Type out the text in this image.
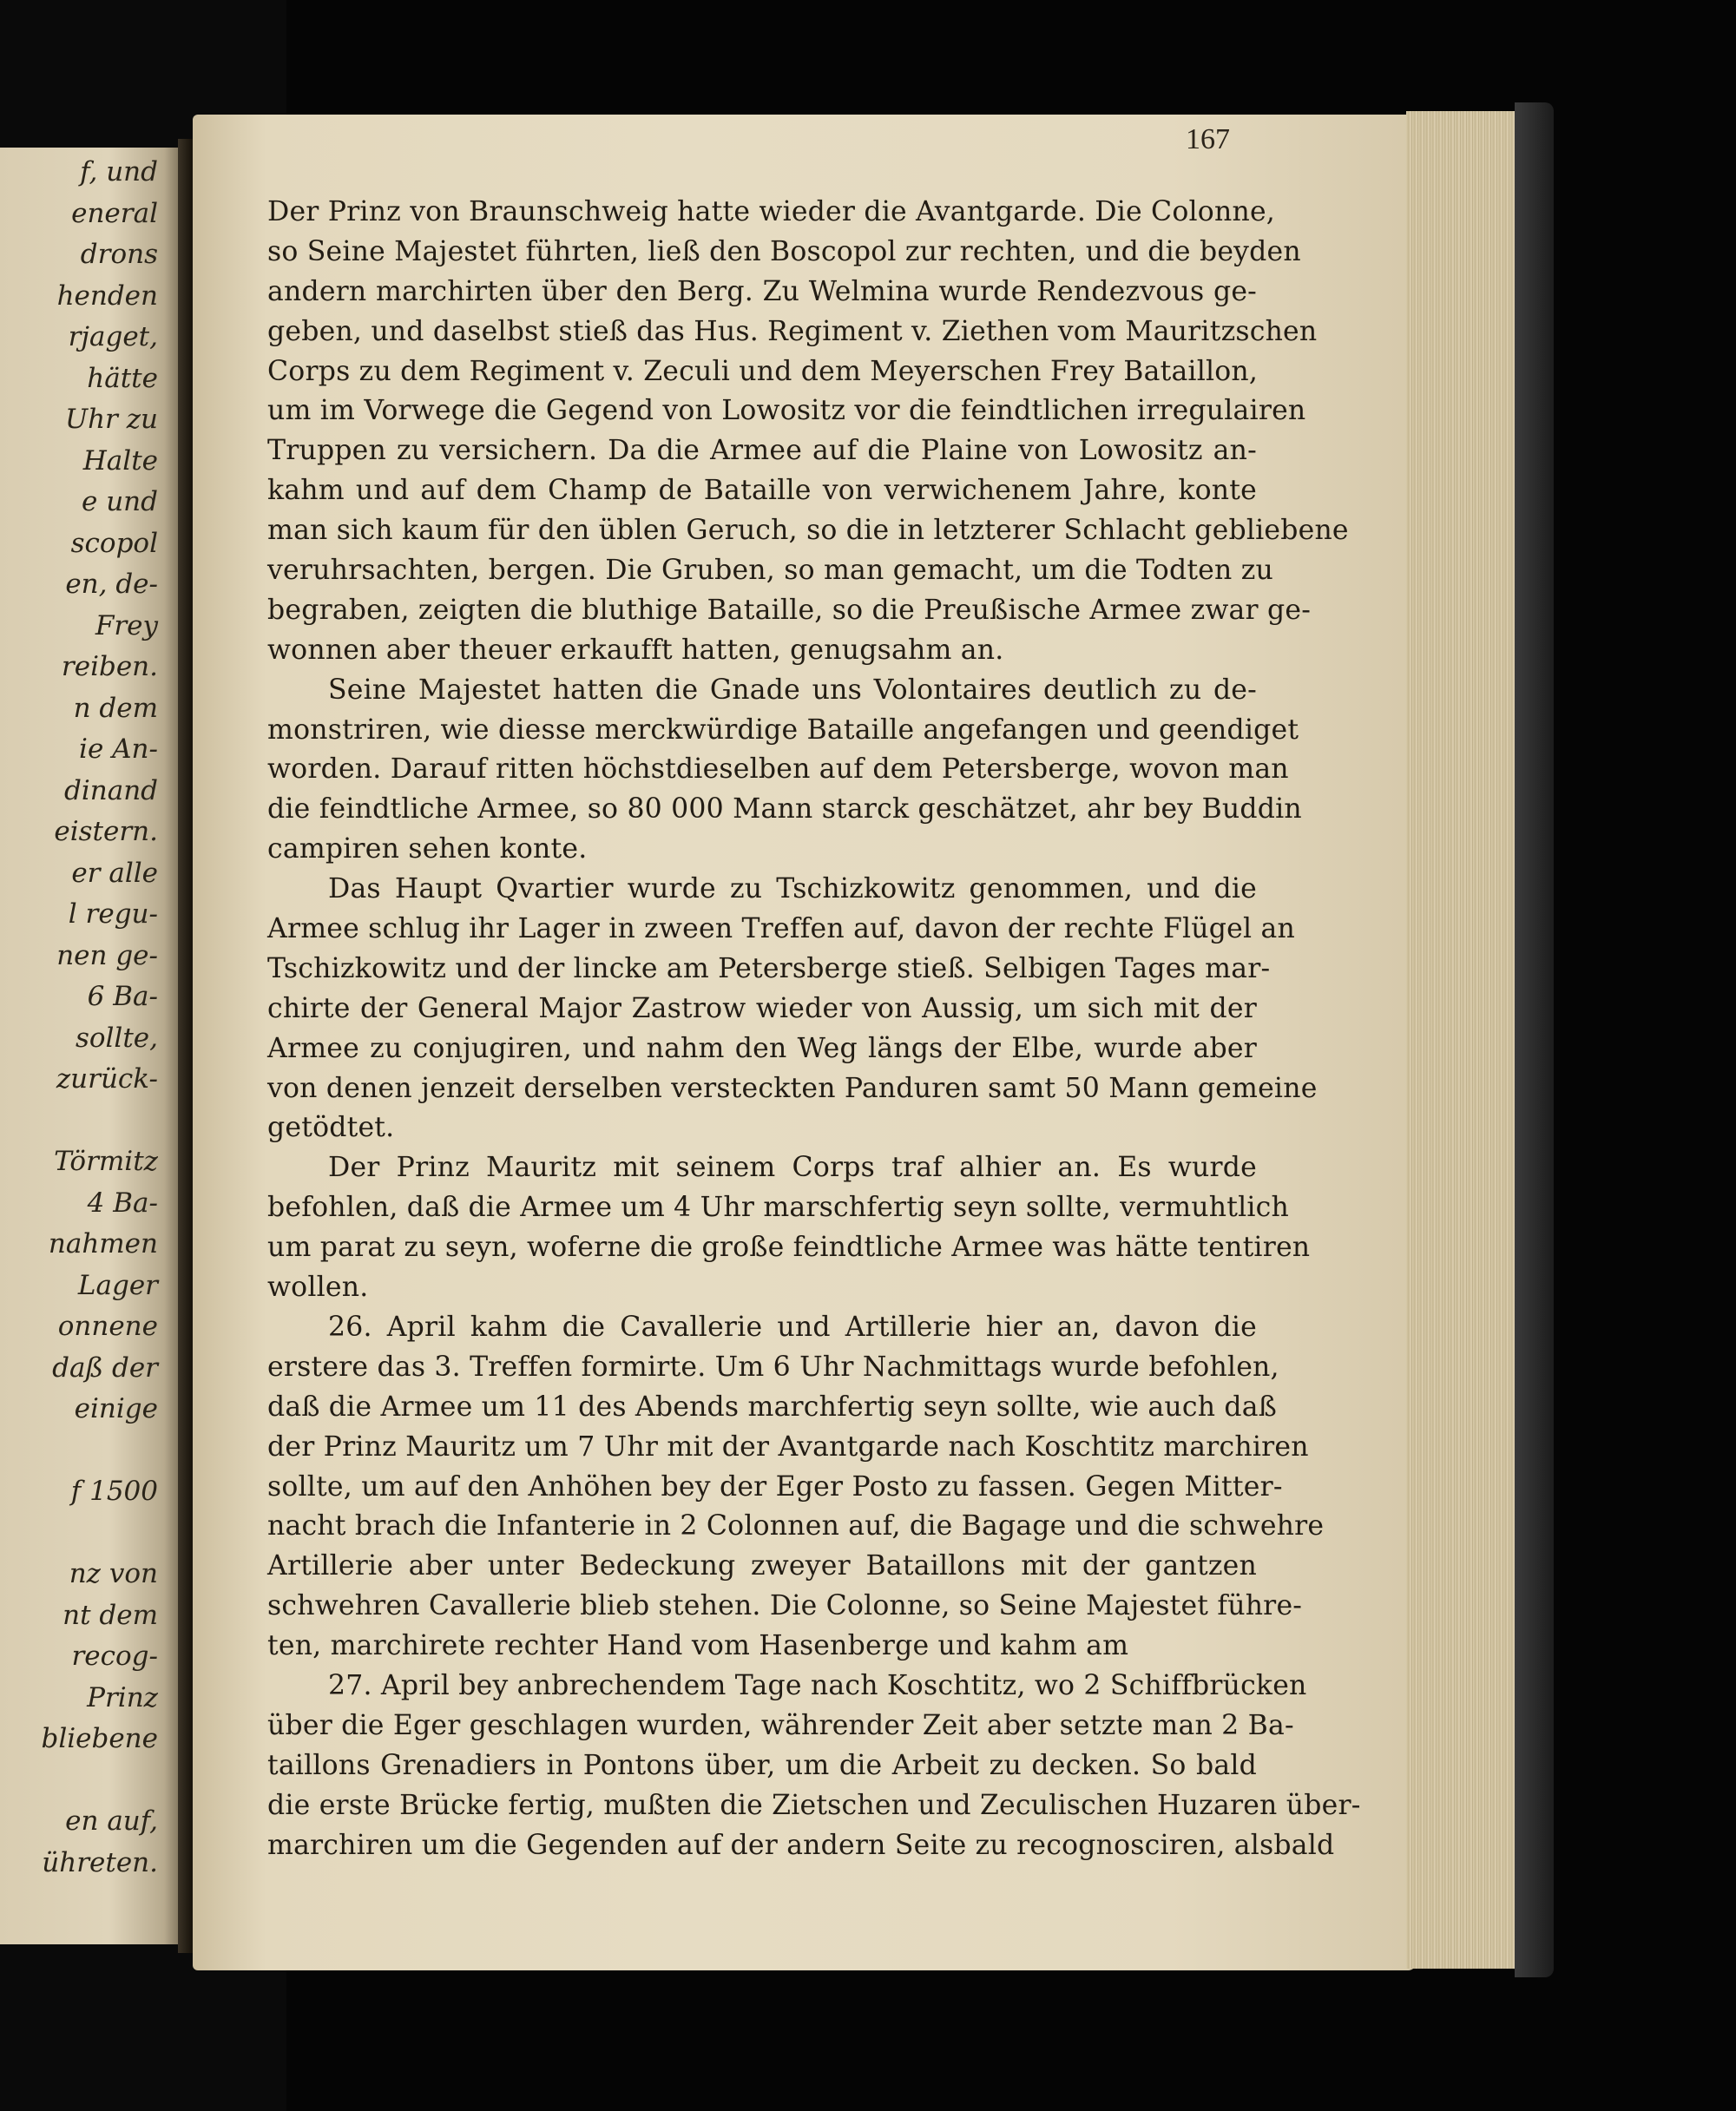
f, und
eneral
drons
henden
rjaget,
hätte
Uhr zu
Halte
e und
scopol
en, de-
Frey
reiben.
n dem
ie An-
dinand
eistern.
er alle
l regu-
nen ge-
6 Ba-
sollte,
zurück-
Törmitz
4 Ba-
nahmen
Lager
onnene
daß der
einige
f 1500
nz von
nt dem
recog-
Prinz
bliebene
en auf,
ühreten.
167
Der Prinz von Braunschweig hatte wieder die Avantgarde. Die Colonne,
so Seine Majestet führten, ließ den Boscopol zur rechten, und die beyden
andern marchirten über den Berg. Zu Welmina wurde Rendezvous ge-
geben, und daselbst stieß das Hus. Regiment v. Ziethen vom Mauritzschen
Corps zu dem Regiment v. Zeculi und dem Meyerschen Frey Bataillon,
um im Vorwege die Gegend von Lowositz vor die feindtlichen irregulairen
Truppen zu versichern. Da die Armee auf die Plaine von Lowositz an-
kahm und auf dem Champ de Bataille von verwichenem Jahre, konte
man sich kaum für den üblen Geruch, so die in letzterer Schlacht gebliebene
veruhrsachten, bergen. Die Gruben, so man gemacht, um die Todten zu
begraben, zeigten die bluthige Bataille, so die Preußische Armee zwar ge-
wonnen aber theuer erkaufft hatten, genugsahm an.
Seine Majestet hatten die Gnade uns Volontaires deutlich zu de-
monstriren, wie diesse merckwürdige Bataille angefangen und geendiget
worden. Darauf ritten höchstdieselben auf dem Petersberge, wovon man
die feindtliche Armee, so 80 000 Mann starck geschätzet, ahr bey Buddin
campiren sehen konte.
Das Haupt Qvartier wurde zu Tschizkowitz genommen, und die
Armee schlug ihr Lager in zween Treffen auf, davon der rechte Flügel an
Tschizkowitz und der lincke am Petersberge stieß. Selbigen Tages mar-
chirte der General Major Zastrow wieder von Aussig, um sich mit der
Armee zu conjugiren, und nahm den Weg längs der Elbe, wurde aber
von denen jenzeit derselben versteckten Panduren samt 50 Mann gemeine
getödtet.
Der Prinz Mauritz mit seinem Corps traf alhier an. Es wurde
befohlen, daß die Armee um 4 Uhr marschfertig seyn sollte, vermuhtlich
um parat zu seyn, woferne die große feindtliche Armee was hätte tentiren
wollen.
26. April kahm die Cavallerie und Artillerie hier an, davon die
erstere das 3. Treffen formirte. Um 6 Uhr Nachmittags wurde befohlen,
daß die Armee um 11 des Abends marchfertig seyn sollte, wie auch daß
der Prinz Mauritz um 7 Uhr mit der Avantgarde nach Koschtitz marchiren
sollte, um auf den Anhöhen bey der Eger Posto zu fassen. Gegen Mitter-
nacht brach die Infanterie in 2 Colonnen auf, die Bagage und die schwehre
Artillerie aber unter Bedeckung zweyer Bataillons mit der gantzen
schwehren Cavallerie blieb stehen. Die Colonne, so Seine Majestet führe-
ten, marchirete rechter Hand vom Hasenberge und kahm am
27. April bey anbrechendem Tage nach Koschtitz, wo 2 Schiffbrücken
über die Eger geschlagen wurden, währender Zeit aber setzte man 2 Ba-
taillons Grenadiers in Pontons über, um die Arbeit zu decken. So bald
die erste Brücke fertig, mußten die Zietschen und Zeculischen Huzaren über-
marchiren um die Gegenden auf der andern Seite zu recognosciren, alsbald
